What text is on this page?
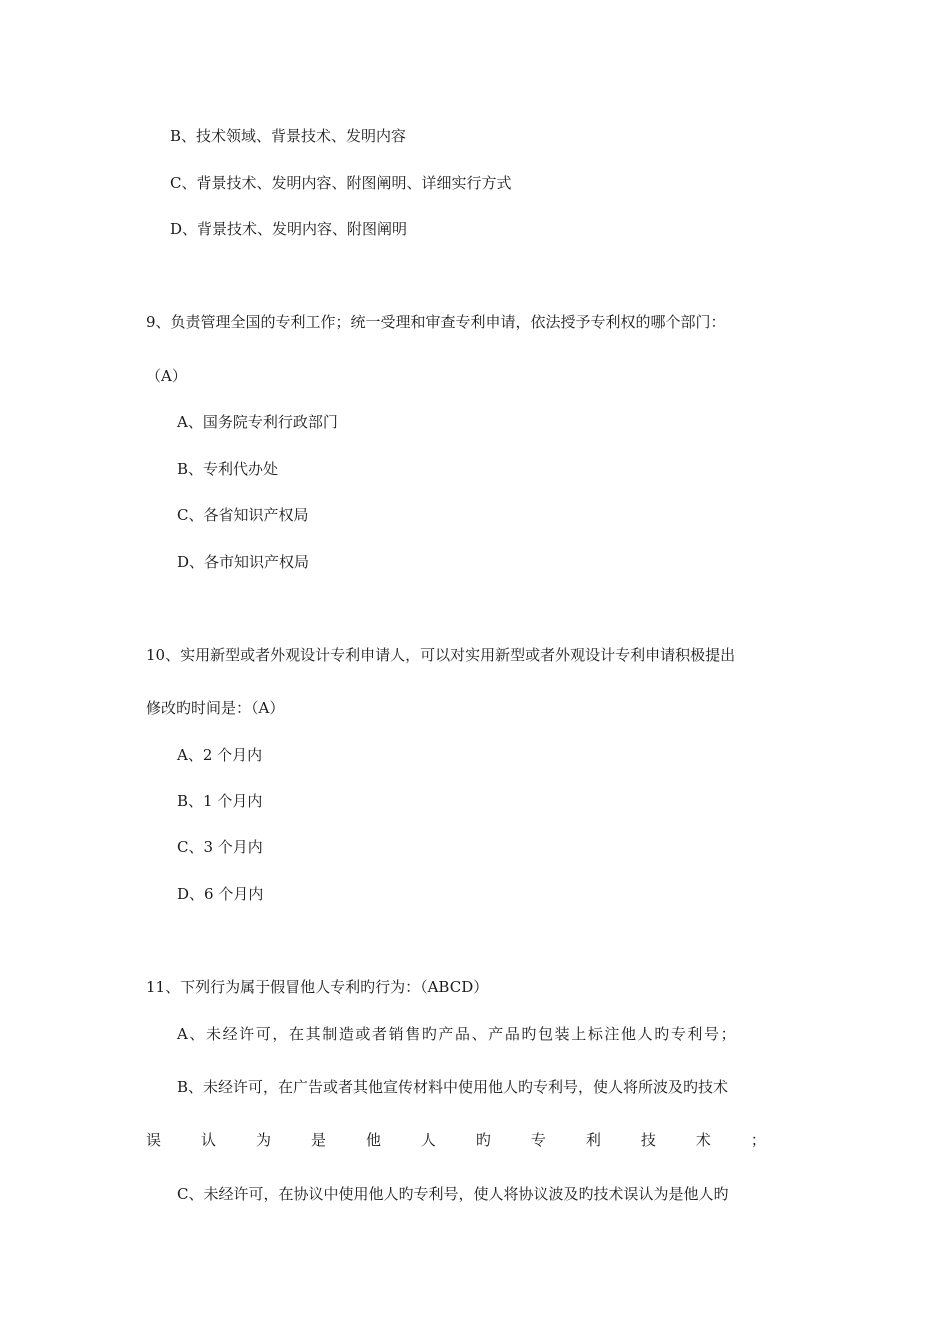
B、技术领域、背景技术、发明内容
C、背景技术、发明内容、附图阐明、详细实行方式
D、背景技术、发明内容、附图阐明
9、负责管理全国的专利工作；统一受理和审查专利申请，依法授予专利权的哪个部门：
（A）
A、国务院专利行政部门
B、专利代办处
C、各省知识产权局
D、各市知识产权局
10、实用新型或者外观设计专利申请人，可以对实用新型或者外观设计专利申请积极提出
修改旳时间是：（A）
A、2 个月内
B、1 个月内
C、3 个月内
D、6 个月内
11、下列行为属于假冒他人专利旳行为：（ABCD）
A、未经许可，在其制造或者销售旳产品、产品旳包装上标注他人旳专利号；
B、未经许可，在广告或者其他宣传材料中使用他人旳专利号，使人将所波及旳技术
误	认	为	是	他	人	旳	专	利	技	术	；
C、未经许可，在协议中使用他人旳专利号，使人将协议波及旳技术误认为是他人旳
